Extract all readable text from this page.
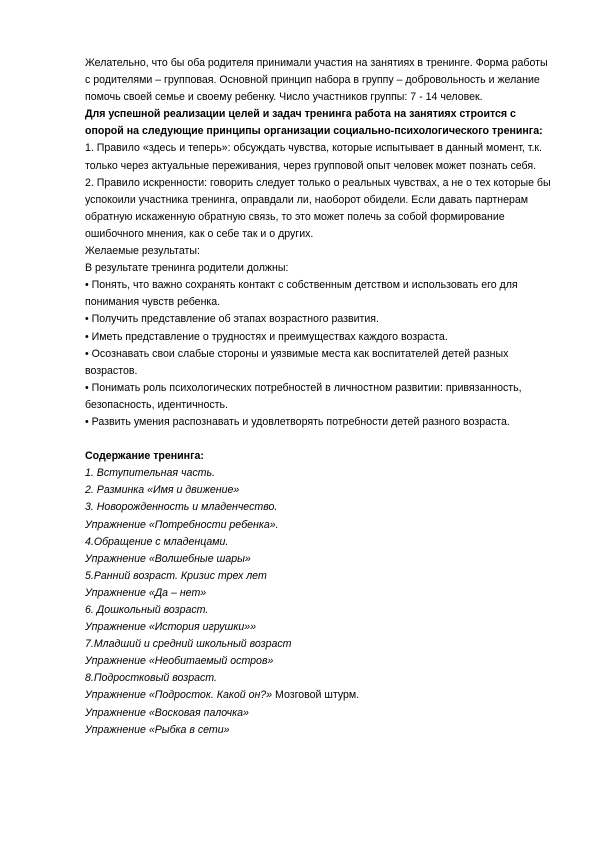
Желательно, что бы оба родителя принимали участия на занятиях в тренинге. Форма работы с родителями – групповая. Основной принцип набора в группу – добровольность и желание помочь своей семье и своему ребенку. Число участников группы: 7 - 14 человек.

Для успешной реализации целей и задач тренинга работа на занятиях строится с опорой на следующие принципы организации социально-психологического тренинга:

1. Правило «здесь и теперь»: обсуждать чувства, которые испытывает в данный момент, т.к. только через актуальные переживания, через групповой опыт человек может познать себя.

2. Правило искренности: говорить следует только о реальных чувствах, а не о тех которые бы успокоили участника тренинга, оправдали ли, наоборот обидели. Если давать партнерам обратную искаженную обратную связь, то это может полечь за собой формирование ошибочного мнения, как о себе так и о других.

Желаемые результаты:

В результате тренинга родители должны:

• Понять, что важно сохранять контакт с собственным детством и использовать его для понимания чувств ребенка.

• Получить представление об этапах возрастного развития.

• Иметь представление о трудностях и преимуществах каждого возраста.

• Осознавать свои слабые стороны и уязвимые места как воспитателей детей разных возрастов.

• Понимать роль психологических потребностей в личностном развитии: привязанность, безопасность, идентичность.

• Развить умения распознавать и удовлетворять потребности детей разного возраста.

Содержание тренинга:

1. Вступительная часть.

2. Разминка «Имя и движение»

3. Новорожденность и младенчество.

Упражнение «Потребности ребенка».

4.Обращение с младенцами.

Упражнение «Волшебные шары»

5.Ранний возраст. Кризис трех лет

Упражнение «Да – нет»

6. Дошкольный возраст.

Упражнение «История игрушки»»

7.Младший и средний школьный возраст

Упражнение «Необитаемый остров»

8.Подростковый возраст.

Упражнение «Подросток. Какой он?» Мозговой штурм.

Упражнение «Восковая палочка»

Упражнение «Рыбка в сети»
